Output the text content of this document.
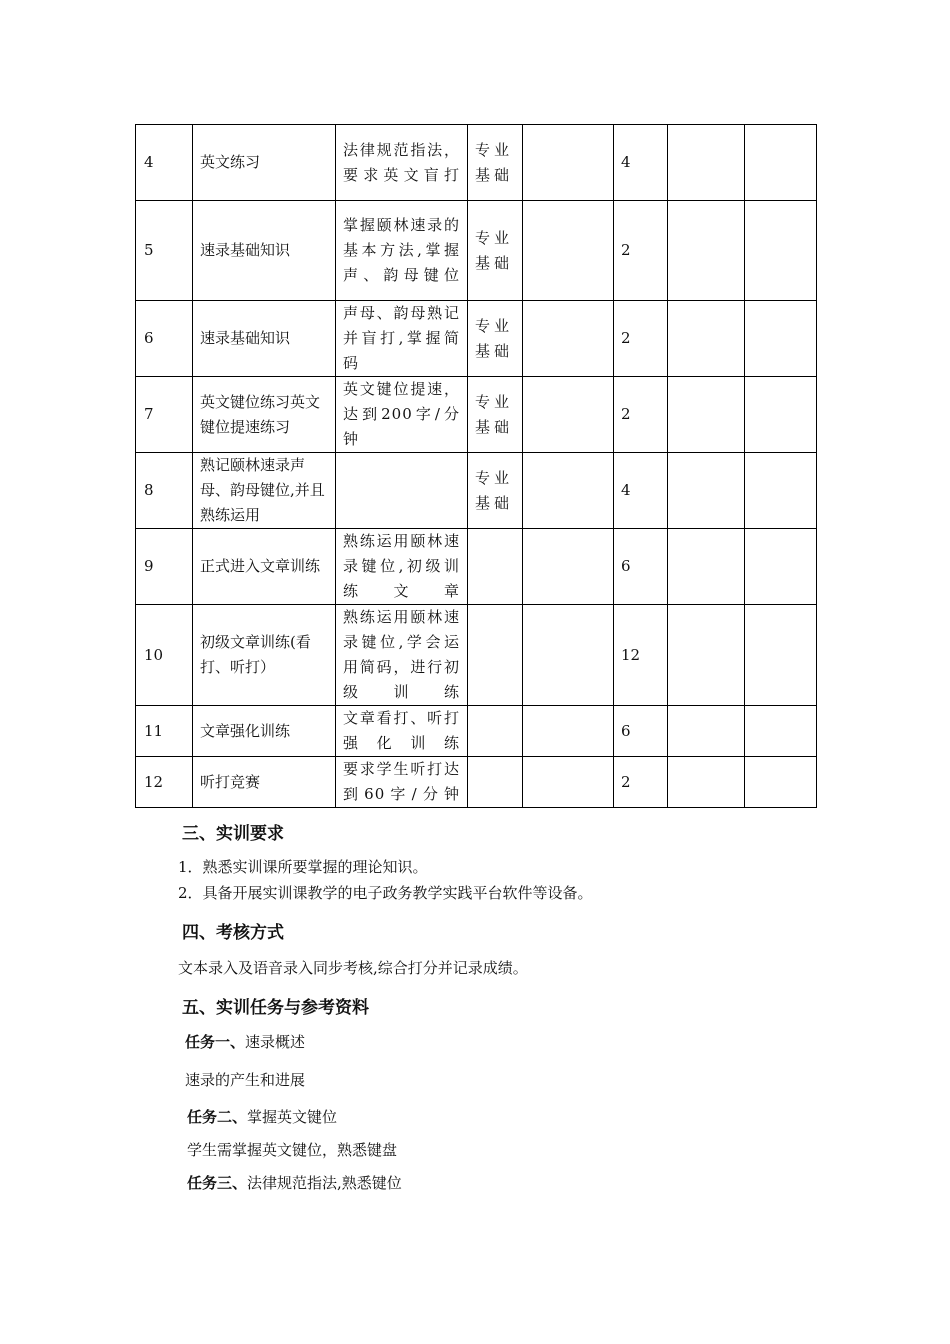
4	英文练习	法律规范指法，要求英文盲打	专业基础		4		
5	速录基础知识	掌握颐林速录的基本方法,掌握声、韵母键位	专业基础		2		
6	速录基础知识	声母、韵母熟记并盲打,掌握简码	专业基础		2		
7	英文键位练习英文键位提速练习	英文键位提速，达到200字/分钟	专业基础		2		
8	熟记颐林速录声母、韵母键位,并且熟练运用		专业基础		4		
9	正式进入文章训练	熟练运用颐林速录键位,初级训练文章			6		
10	初级文章训练(看打、听打）	熟练运用颐林速录键位,学会运用简码，进行初级训练			12		
11	文章强化训练	文章看打、听打强化训练			6		
12	听打竞赛	要求学生听打达到60字/分钟			2		
三、实训要求
1．熟悉实训课所要掌握的理论知识。
2．具备开展实训课教学的电子政务教学实践平台软件等设备。
四、考核方式
文本录入及语音录入同步考核,综合打分并记录成绩。
五、实训任务与参考资料
任务一、速录概述
速录的产生和进展
任务二、掌握英文键位
学生需掌握英文键位，熟悉键盘
任务三、法律规范指法,熟悉键位
